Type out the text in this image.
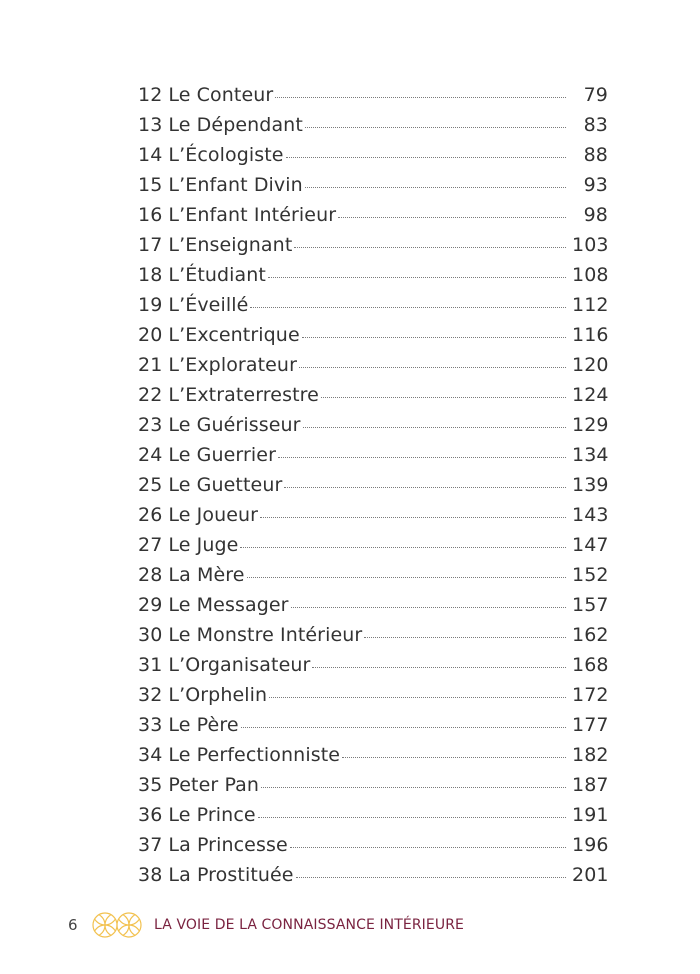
12 Le Conteur	79
13 Le Dépendant	83
14 L’Écologiste	88
15 L’Enfant Divin	93
16 L’Enfant Intérieur	98
17 L’Enseignant	103
18 L’Étudiant	108
19 L’Éveillé	112
20 L’Excentrique	116
21 L’Explorateur	120
22 L’Extraterrestre	124
23 Le Guérisseur	129
24 Le Guerrier	134
25 Le Guetteur	139
26 Le Joueur	143
27 Le Juge	147
28 La Mère	152
29 Le Messager	157
30 Le Monstre Intérieur	162
31 L’Organisateur	168
32 L’Orphelin	172
33 Le Père	177
34 Le Perfectionniste	182
35 Peter Pan	187
36 Le Prince	191
37 La Princesse	196
38 La Prostituée	201
6	LA VOIE DE LA CONNAISSANCE INTÉRIEURE
